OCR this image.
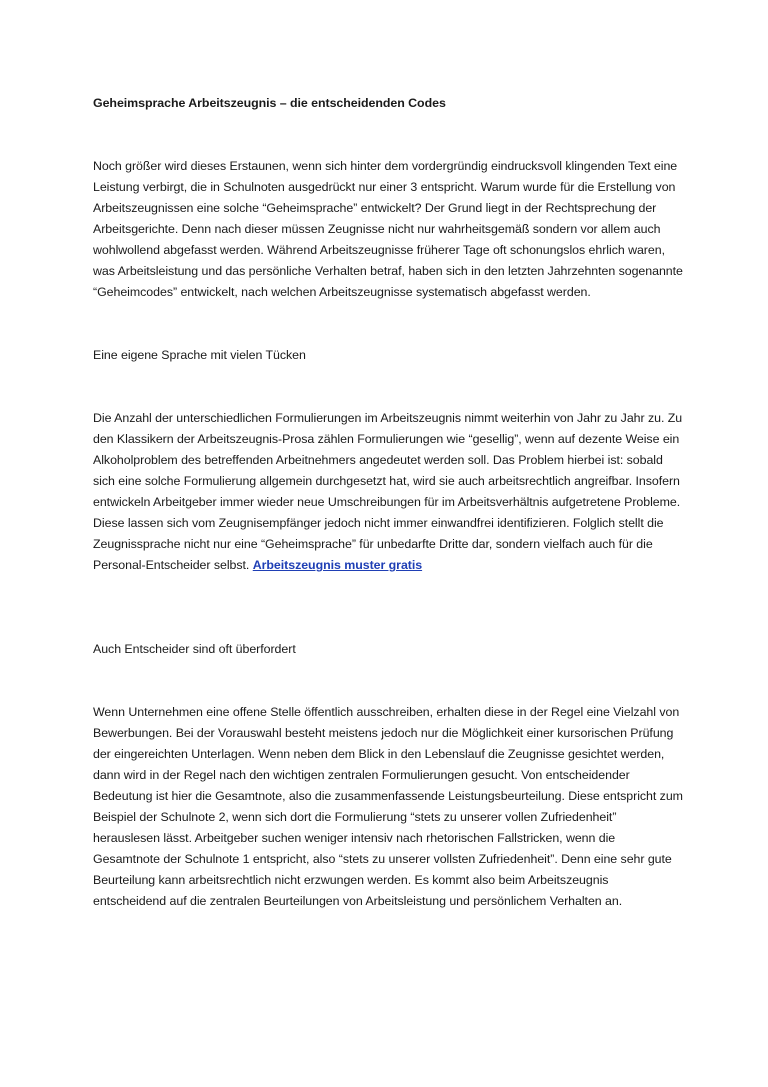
Geheimsprache Arbeitszeugnis – die entscheidenden Codes

Noch größer wird dieses Erstaunen, wenn sich hinter dem vordergründig eindrucksvoll klingenden Text eine Leistung verbirgt, die in Schulnoten ausgedrückt nur einer 3 entspricht. Warum wurde für die Erstellung von Arbeitszeugnissen eine solche “Geheimsprache” entwickelt? Der Grund liegt in der Rechtsprechung der Arbeitsgerichte. Denn nach dieser müssen Zeugnisse nicht nur wahrheitsgemäß sondern vor allem auch wohlwollend abgefasst werden. Während Arbeitszeugnisse früherer Tage oft schonungslos ehrlich waren, was Arbeitsleistung und das persönliche Verhalten betraf, haben sich in den letzten Jahrzehnten sogenannte “Geheimcodes” entwickelt, nach welchen Arbeitszeugnisse systematisch abgefasst werden.

Eine eigene Sprache mit vielen Tücken

Die Anzahl der unterschiedlichen Formulierungen im Arbeitszeugnis nimmt weiterhin von Jahr zu Jahr zu. Zu den Klassikern der Arbeitszeugnis-Prosa zählen Formulierungen wie “gesellig”, wenn auf dezente Weise ein Alkoholproblem des betreffenden Arbeitnehmers angedeutet werden soll. Das Problem hierbei ist: sobald sich eine solche Formulierung allgemein durchgesetzt hat, wird sie auch arbeitsrechtlich angreifbar. Insofern entwickeln Arbeitgeber immer wieder neue Umschreibungen für im Arbeitsverhältnis aufgetretene Probleme. Diese lassen sich vom Zeugnisempfänger jedoch nicht immer einwandfrei identifizieren. Folglich stellt die Zeugnissprache nicht nur eine “Geheimsprache” für unbedarfte Dritte dar, sondern vielfach auch für die Personal-Entscheider selbst. Arbeitszeugnis muster gratis

Auch Entscheider sind oft überfordert

Wenn Unternehmen eine offene Stelle öffentlich ausschreiben, erhalten diese in der Regel eine Vielzahl von Bewerbungen. Bei der Vorauswahl besteht meistens jedoch nur die Möglichkeit einer kursorischen Prüfung der eingereichten Unterlagen. Wenn neben dem Blick in den Lebenslauf die Zeugnisse gesichtet werden, dann wird in der Regel nach den wichtigen zentralen Formulierungen gesucht. Von entscheidender Bedeutung ist hier die Gesamtnote, also die zusammenfassende Leistungsbeurteilung. Diese entspricht zum Beispiel der Schulnote 2, wenn sich dort die Formulierung “stets zu unserer vollen Zufriedenheit” herauslesen lässt. Arbeitgeber suchen weniger intensiv nach rhetorischen Fallstricken, wenn die Gesamtnote der Schulnote 1 entspricht, also “stets zu unserer vollsten Zufriedenheit”. Denn eine sehr gute Beurteilung kann arbeitsrechtlich nicht erzwungen werden. Es kommt also beim Arbeitszeugnis entscheidend auf die zentralen Beurteilungen von Arbeitsleistung und persönlichem Verhalten an.
